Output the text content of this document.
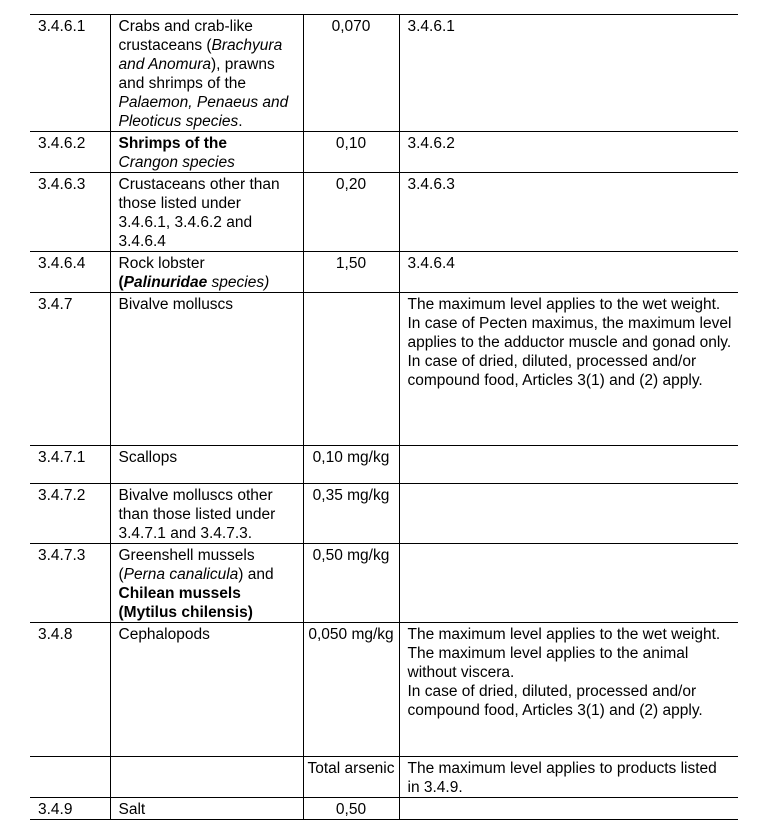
3.4.6.1	Crabs and crab-like crustaceans (Brachyura and Anomura), prawns and shrimps of the Palaemon, Penaeus and Pleoticus species.	0,070	3.4.6.1
3.4.6.2	Shrimps of the
Crangon species	0,10	3.4.6.2
3.4.6.3	Crustaceans other than those listed under 3.4.6.1, 3.4.6.2 and 3.4.6.4	0,20	3.4.6.3
3.4.6.4	Rock lobster
(Palinuridae species)	1,50	3.4.6.4
3.4.7	Bivalve molluscs		The maximum level applies to the wet weight.
In case of Pecten maximus, the maximum level applies to the adductor muscle and gonad only.
In case of dried, diluted, processed and/or compound food, Articles 3(1) and (2) apply.

3.4.7.1	Scallops	0,10 mg/kg	
3.4.7.2	Bivalve molluscs other than those listed under 3.4.7.1 and 3.4.7.3.	0,35 mg/kg	
3.4.7.3	Greenshell mussels
(Perna canalicula) and Chilean mussels (Mytilus chilensis)	0,50 mg/kg	
3.4.8	Cephalopods	0,050 mg/kg	The maximum level applies to the wet weight.
The maximum level applies to the animal without viscera.
In case of dried, diluted, processed and/or compound food, Articles 3(1) and (2) apply.

		Total arsenic	The maximum level applies to products listed in 3.4.9.
3.4.9	Salt	0,50	
